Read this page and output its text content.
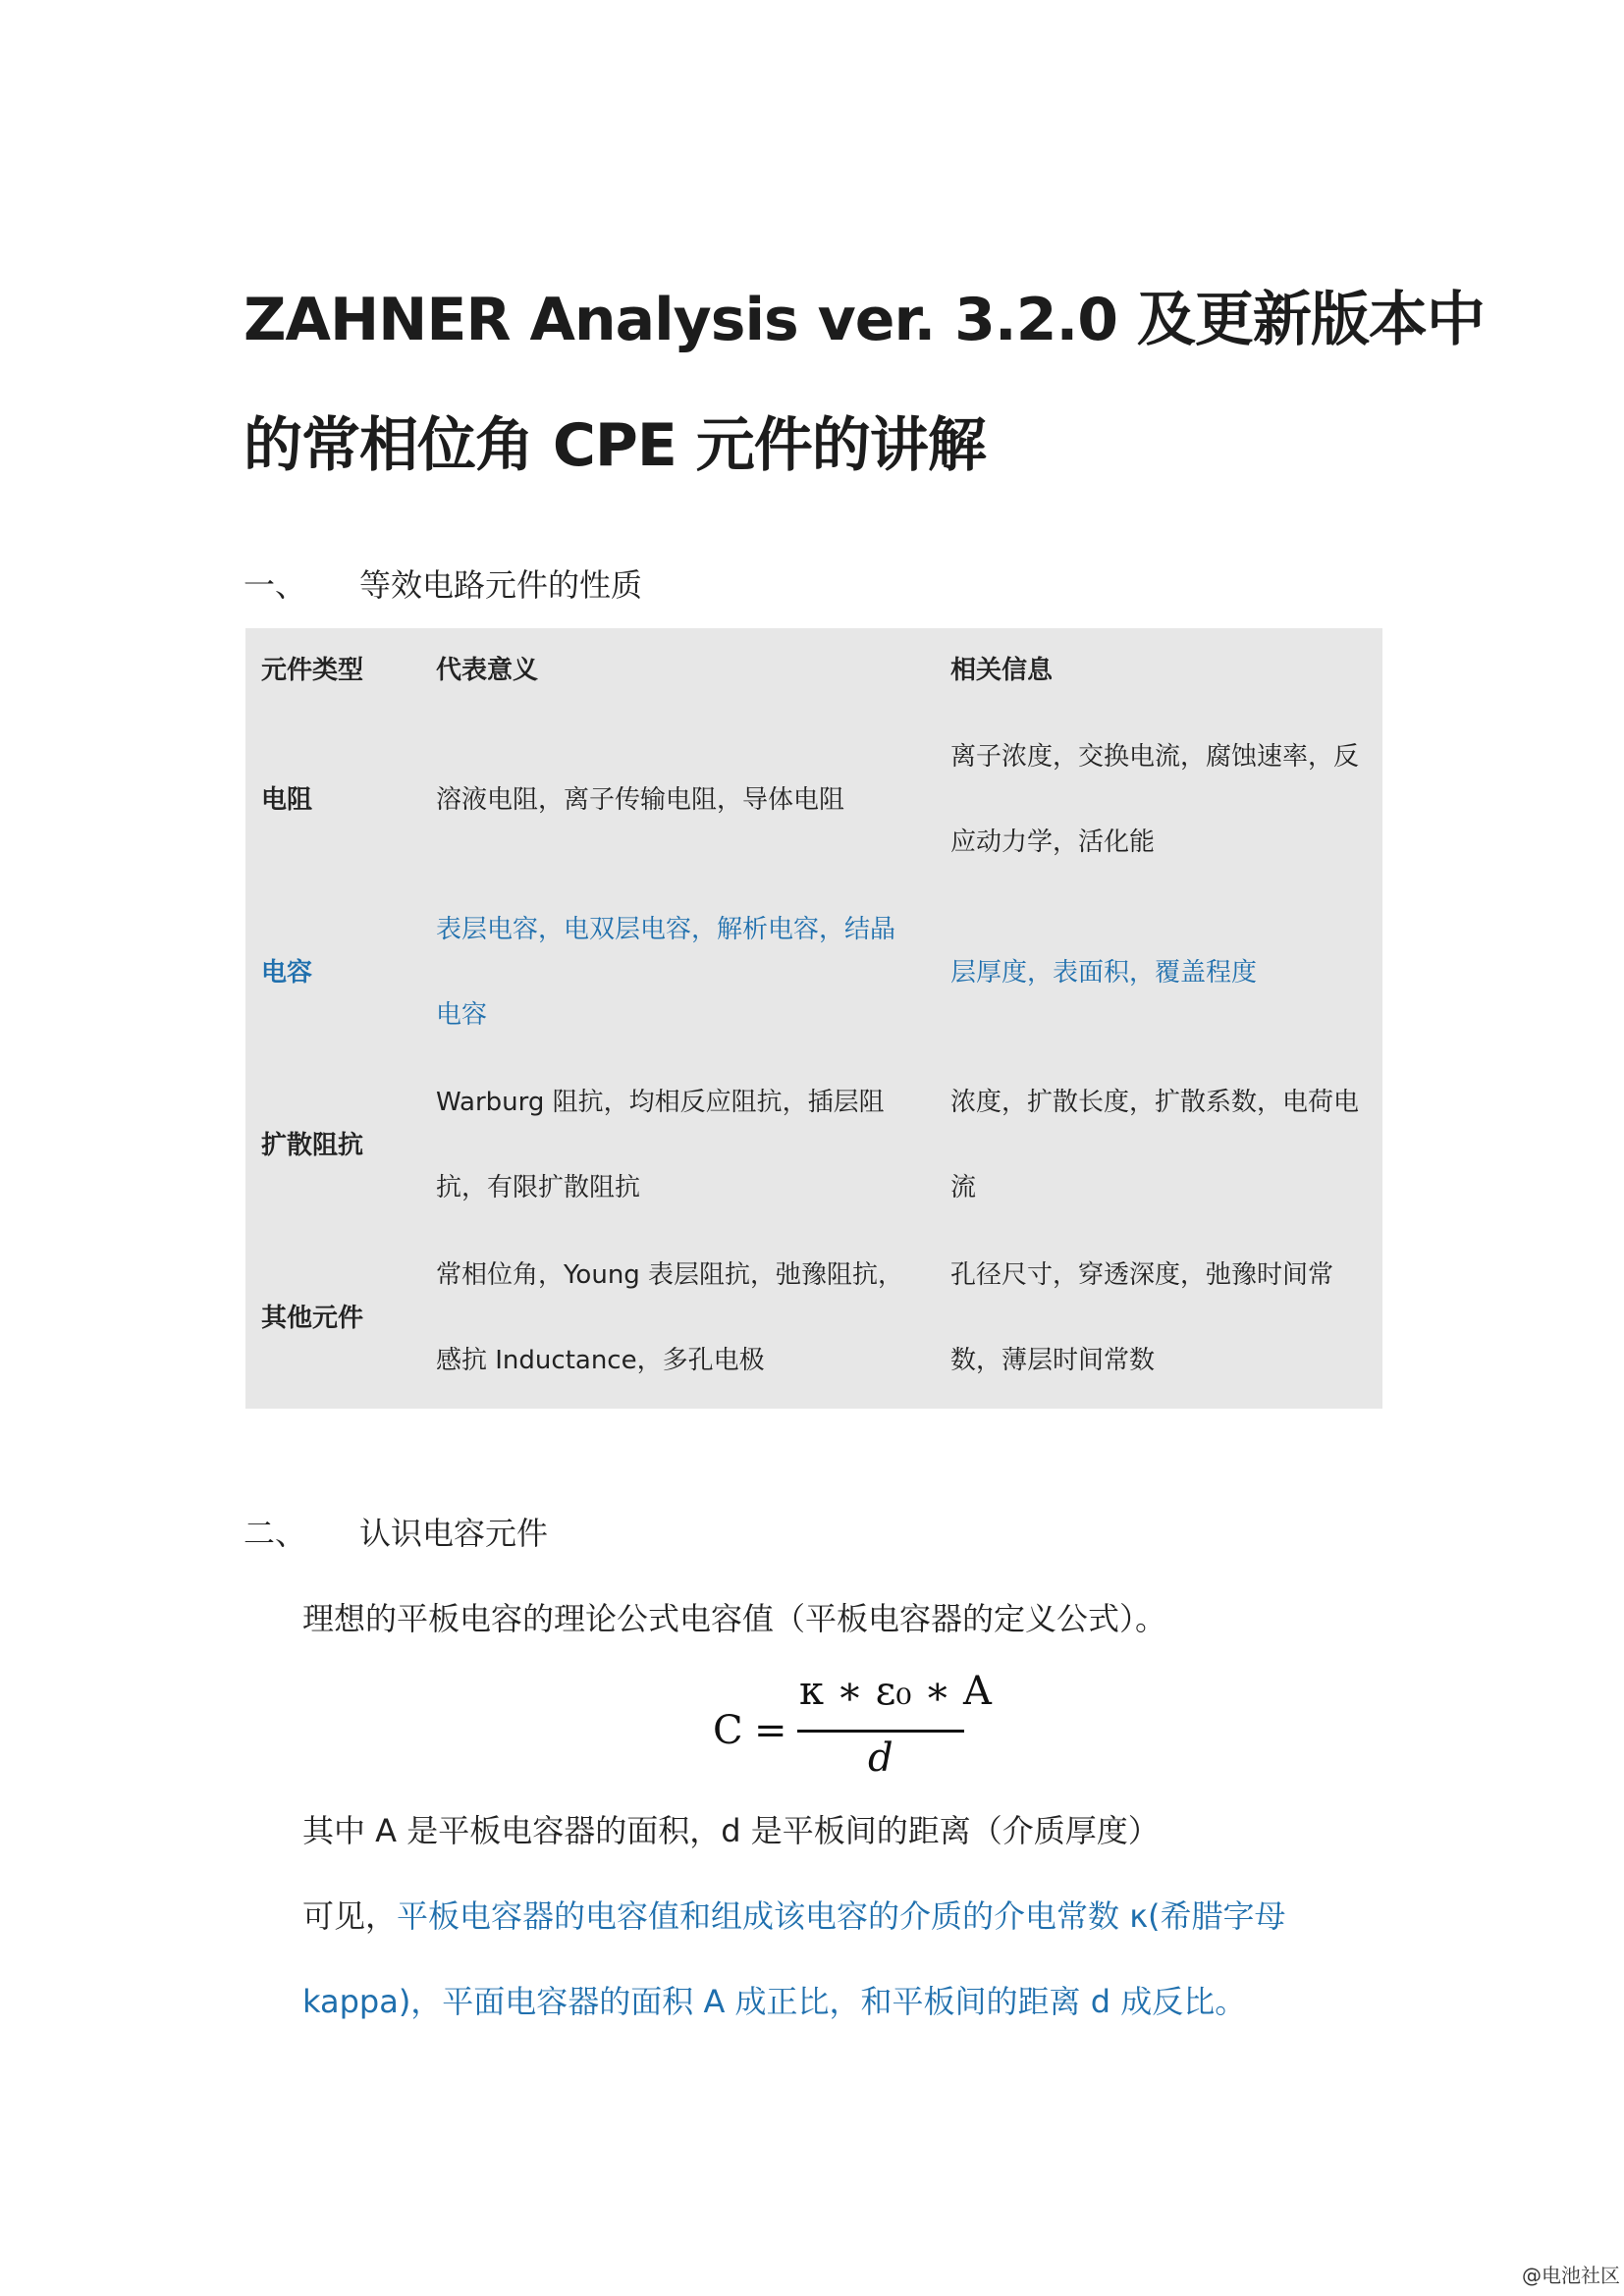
ZAHNER Analysis ver. 3.2.0 及更新版本中
的常相位角 CPE 元件的讲解
一、 等效电路元件的性质
元件类型	代表意义	相关信息
电阻	溶液电阻，离子传输电阻，导体电阻	离子浓度，交换电流，腐蚀速率，反应动力学，活化能
电容	表层电容，电双层电容，解析电容，结晶电容	层厚度，表面积，覆盖程度
扩散阻抗	Warburg 阻抗，均相反应阻抗，插层阻抗，有限扩散阻抗	浓度，扩散长度，扩散系数，电荷电流
其他元件	常相位角，Young 表层阻抗，弛豫阻抗，感抗 Inductance，多孔电极	孔径尺寸，穿透深度，弛豫时间常数，薄层时间常数
二、 认识电容元件
理想的平板电容的理论公式电容值（平板电容器的定义公式）。
C =
κ ∗ ε₀ ∗ A
d
其中 A 是平板电容器的面积，d 是平板间的距离（介质厚度）
可见，平板电容器的电容值和组成该电容的介质的介电常数 κ(希腊字母 kappa)，平面电容器的面积 A 成正比，和平板间的距离 d 成反比。
@电池社区
